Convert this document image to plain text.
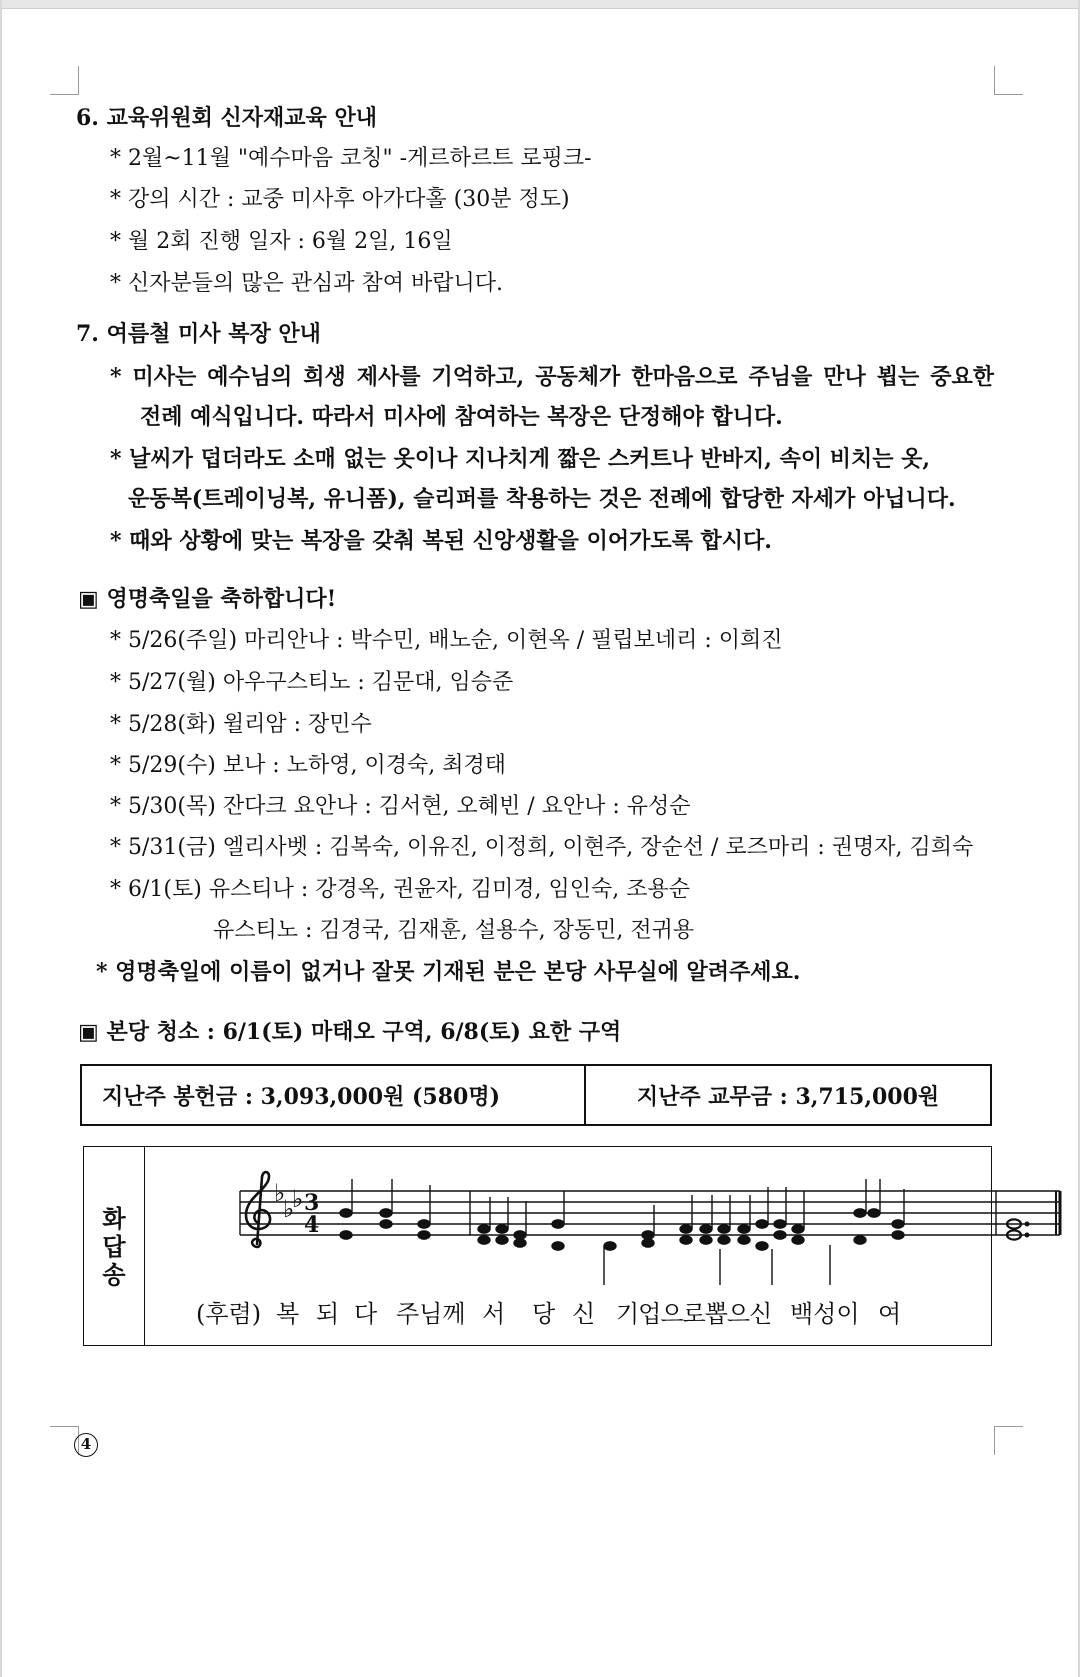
6. 교육위원회 신자재교육 안내
* 2월~11월 "예수마음 코칭" -게르하르트 로핑크-
* 강의 시간 : 교중 미사후 아가다홀 (30분 정도)
* 월 2회 진행 일자 : 6월 2일, 16일
* 신자분들의 많은 관심과 참여 바랍니다.
7. 여름철 미사 복장 안내
* 미사는 예수님의 희생 제사를 기억하고, 공동체가 한마음으로 주님을 만나 뵙는 중요한
전례 예식입니다. 따라서 미사에 참여하는 복장은 단정해야 합니다.
* 날씨가 덥더라도 소매 없는 옷이나 지나치게 짧은 스커트나 반바지, 속이 비치는 옷,
운동복(트레이닝복, 유니폼), 슬리퍼를 착용하는 것은 전례에 합당한 자세가 아닙니다.
* 때와 상황에 맞는 복장을 갖춰 복된 신앙생활을 이어가도록 합시다.
▣ 영명축일을 축하합니다!
* 5/26(주일) 마리안나 : 박수민, 배노순, 이현옥 / 필립보네리 : 이희진
* 5/27(월) 아우구스티노 : 김문대, 임승준
* 5/28(화) 윌리암 : 장민수
* 5/29(수) 보나 : 노하영, 이경숙, 최경태
* 5/30(목) 잔다크 요안나 : 김서현, 오혜빈 / 요안나 : 유성순
* 5/31(금) 엘리사벳 : 김복숙, 이유진, 이정희, 이현주, 장순선 / 로즈마리 : 권명자, 김희숙
* 6/1(토) 유스티나 : 강경옥, 권윤자, 김미경, 임인숙, 조용순
유스티노 : 김경국, 김재훈, 설용수, 장동민, 전귀용
* 영명축일에 이름이 없거나 잘못 기재된 분은 본당 사무실에 알려주세요.
▣ 본당 청소 : 6/1(토) 마태오 구역, 6/8(토) 요한 구역
지난주 봉헌금 : 3,093,000원 (580명)	지난주 교무금 : 3,715,000원
화
답
송
♭
♭
♭ 3
4
(후렴) 복 되 다 주님께 서 당 신 기업으로뽑으신 백성이 여
4
